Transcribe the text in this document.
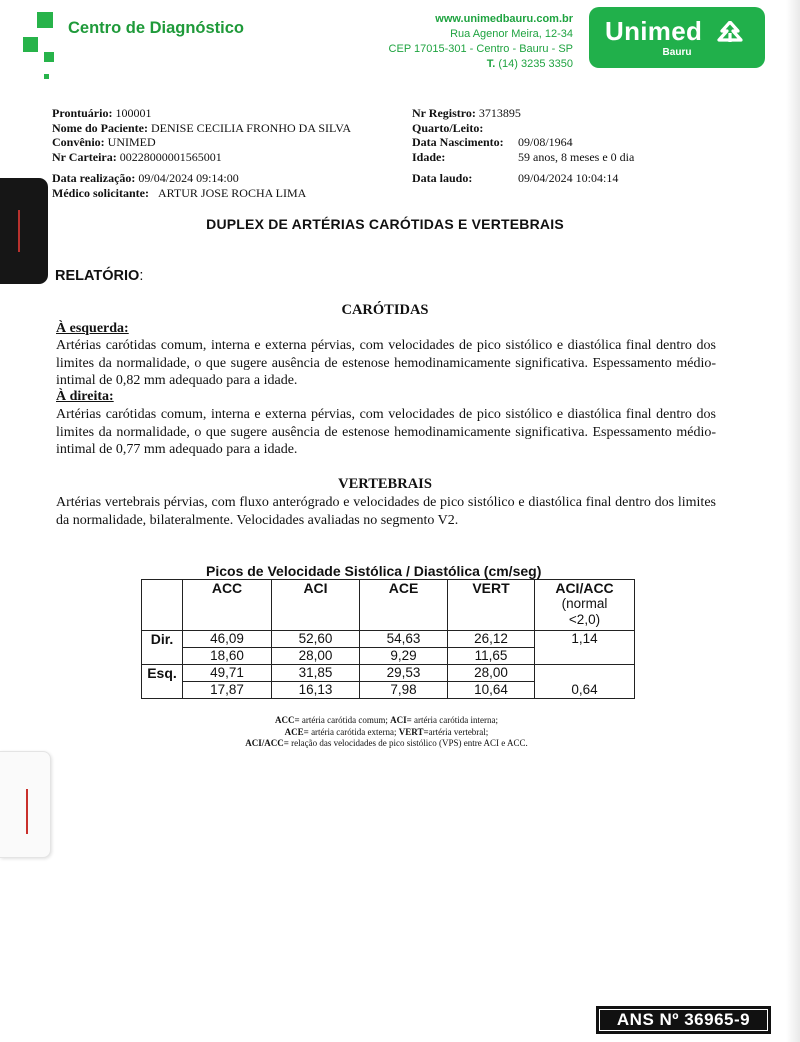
Centro de Diagnóstico	www.unimedbauru.com.br
Rua Agenor Meira, 12-34
CEP 17015-301 - Centro - Bauru - SP
T. (14) 3235 3350
Unimed
Bauru
Prontuário: 100001
Nome do Paciente: DENISE CECILIA FRONHO DA SILVA
Convênio: UNIMED
Nr Carteira: 00228000001565001
Data realização: 09/04/2024 09:14:00
Médico solicitante: ARTUR JOSE ROCHA LIMA
Nr Registro: 3713895
Quarto/Leito:
Data Nascimento: 09/08/1964
Idade:	59 anos, 8 meses e 0 dia
Data laudo:	09/04/2024 10:04:14
DUPLEX DE ARTÉRIAS CARÓTIDAS E VERTEBRAIS
RELATÓRIO:
CARÓTIDAS
À esquerda:
Artérias carótidas comum, interna e externa pérvias, com velocidades de pico sistólico e diastólica final dentro dos limites da normalidade, o que sugere ausência de estenose hemodinamicamente significativa. Espessamento médio-intimal de 0,82 mm adequado para a idade.
À direita:
Artérias carótidas comum, interna e externa pérvias, com velocidades de pico sistólico e diastólica final dentro dos limites da normalidade, o que sugere ausência de estenose hemodinamicamente significativa. Espessamento médio-intimal de 0,77 mm adequado para a idade.
VERTEBRAIS
Artérias vertebrais pérvias, com fluxo anterógrado e velocidades de pico sistólico e diastólica final dentro dos limites da normalidade, bilateralmente. Velocidades avaliadas no segmento V2.
Picos de Velocidade Sistólica / Diastólica (cm/seg)
	ACC	ACI	ACE	VERT	ACI/ACC
(normal
<2,0)

Dir.	46,09	52,60	54,63	26,12	1,14
	18,60	28,00	9,29	11,65	
Esq.	49,71	31,85	29,53	28,00	0,64
	17,87	16,13	7,98	10,64	
ACC= artéria carótida comum; ACI= artéria carótida interna;
ACE= artéria carótida externa; VERT=artéria vertebral;
ACI/ACC= relação das velocidades de pico sistólico (VPS) entre ACI e ACC.
ANS Nº 36965-9
